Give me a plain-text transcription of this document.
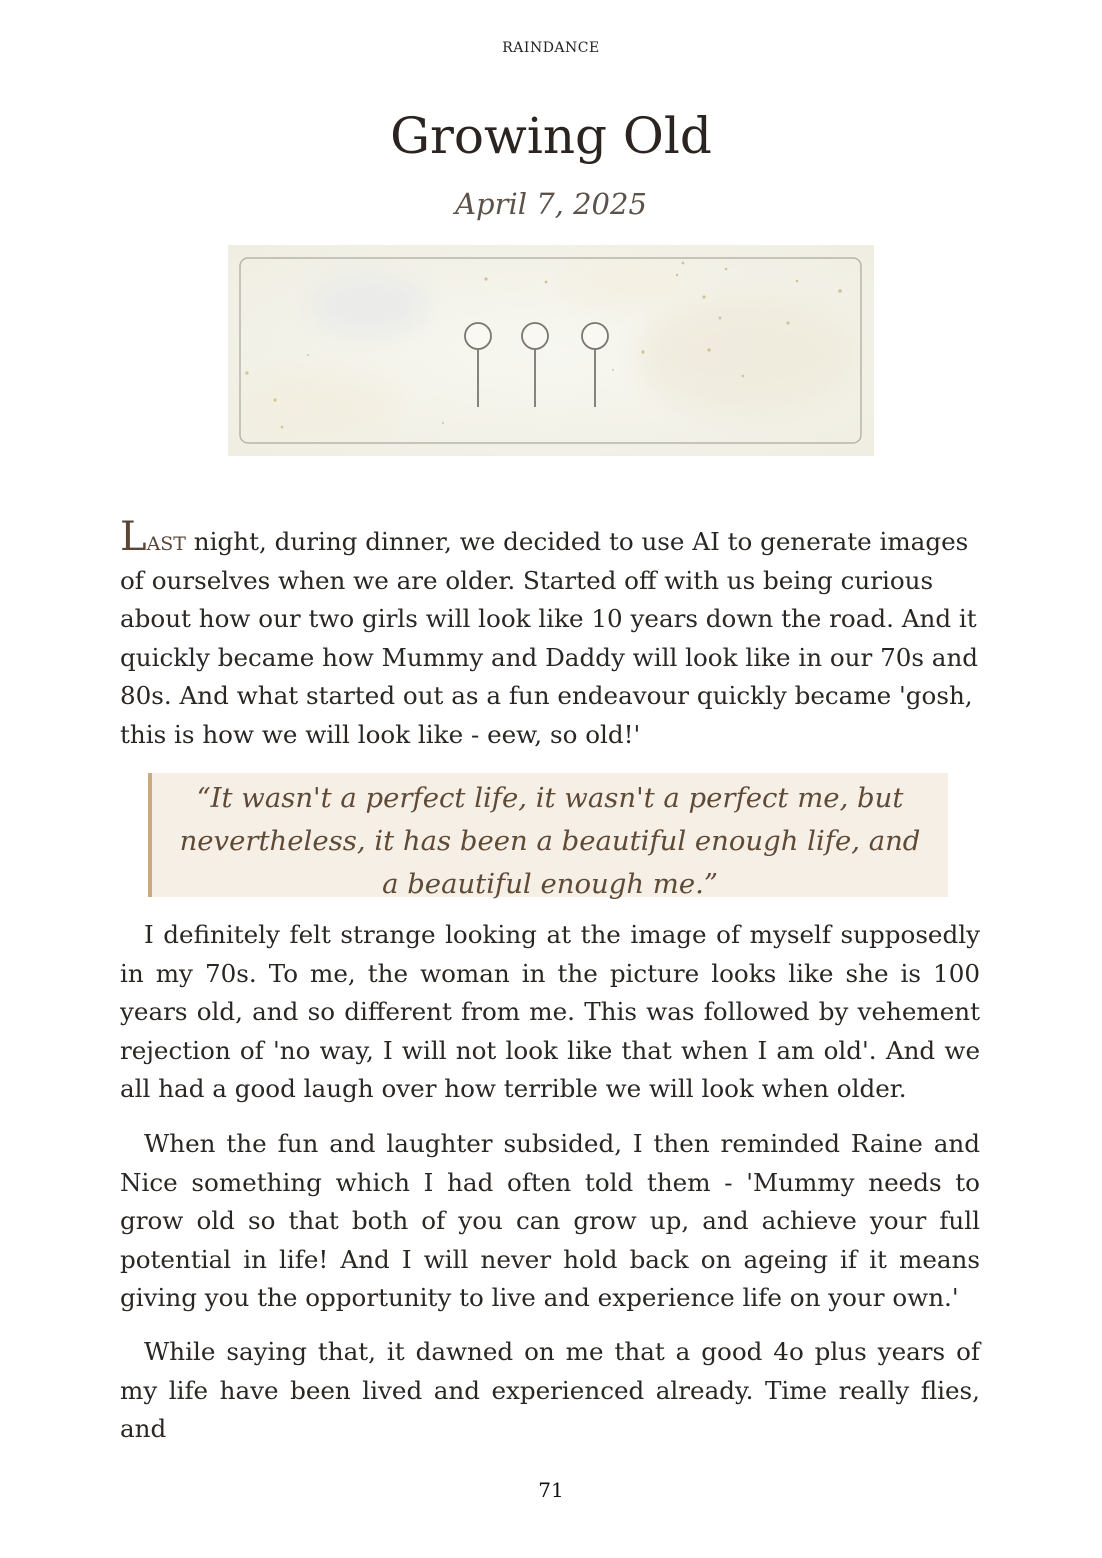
RAINDANCE
Growing Old
April 7, 2025

Last night, during dinner, we decided to use AI to generate images of ourselves when we are older. Started off with us being curious about how our two girls will look like 10 years down the road. And it quickly became how Mummy and Daddy will look like in our 70s and 80s. And what started out as a fun endeavour quickly became 'gosh, this is how we will look like - eew, so old!'

“It wasn't a perfect life, it wasn't a perfect me, but nevertheless, it has been a beautiful enough life, and a beautiful enough me.”

I definitely felt strange looking at the image of myself supposedly in my 70s. To me, the woman in the picture looks like she is 100 years old, and so different from me. This was followed by vehement rejection of 'no way, I will not look like that when I am old'. And we all had a good laugh over how terrible we will look when older.

When the fun and laughter subsided, I then reminded Raine and Nice something which I had often told them - 'Mummy needs to grow old so that both of you can grow up, and achieve your full potential in life! And I will never hold back on ageing if it means giving you the opportunity to live and experience life on your own.'

While saying that, it dawned on me that a good 4o plus years of my life have been lived and experienced already. Time really flies, and

71
